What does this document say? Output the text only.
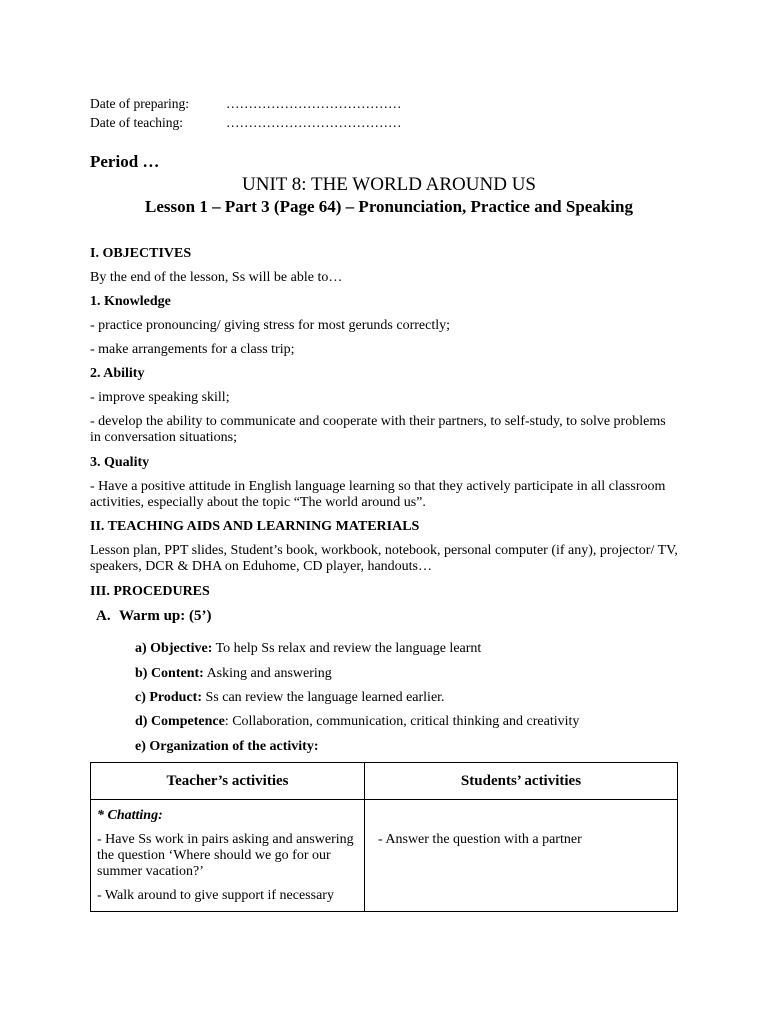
Date of preparing:	…………………………………
Date of teaching:	…………………………………
Period …
UNIT 8: THE WORLD AROUND US
Lesson 1 – Part 3 (Page 64) – Pronunciation, Practice and Speaking
I. OBJECTIVES
By the end of the lesson, Ss will be able to…
1. Knowledge
- practice pronouncing/ giving stress for most gerunds correctly;
- make arrangements for a class trip;
2. Ability
- improve speaking skill;
- develop the ability to communicate and cooperate with their partners, to self-study, to solve problems in conversation situations;
3. Quality
- Have a positive attitude in English language learning so that they actively participate in all classroom activities, especially about the topic “The world around us”.
II. TEACHING AIDS AND LEARNING MATERIALS
Lesson plan, PPT slides, Student’s book, workbook, notebook, personal computer (if any), projector/ TV, speakers, DCR & DHA on Eduhome, CD player, handouts…
III. PROCEDURES
A. Warm up: (5’)
a) Objective: To help Ss relax and review the language learnt
b) Content: Asking and answering
c) Product: Ss can review the language learned earlier.
d) Competence: Collaboration, communication, critical thinking and creativity
e) Organization of the activity:
Teacher’s activities	Students’ activities

* Chatting:
- Have Ss work in pairs asking and answering the question ‘Where should we go for our summer vacation?’
- Walk around to give support if necessary	- Answer the question with a partner
